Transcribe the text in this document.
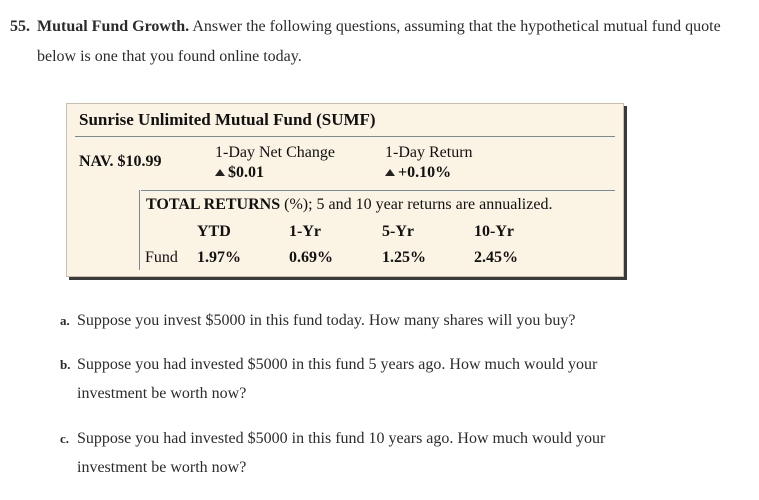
55. Mutual Fund Growth. Answer the following questions, assuming that the hypothetical mutual fund quote below is one that you found online today.
Sunrise Unlimited Mutual Fund (SUMF)
NAV. $10.99
1-Day Net Change
$0.01
1-Day Return
+0.10%
TOTAL RETURNS (%); 5 and 10 year returns are annualized.
YTD	1-Yr	5-Yr	10-Yr
Fund 1.97%	0.69%	1.25%	2.45%
a. Suppose you invest $5000 in this fund today. How many shares will you buy?
b. Suppose you had invested $5000 in this fund 5 years ago. How much would your
investment be worth now?
c. Suppose you had invested $5000 in this fund 10 years ago. How much would your
investment be worth now?
